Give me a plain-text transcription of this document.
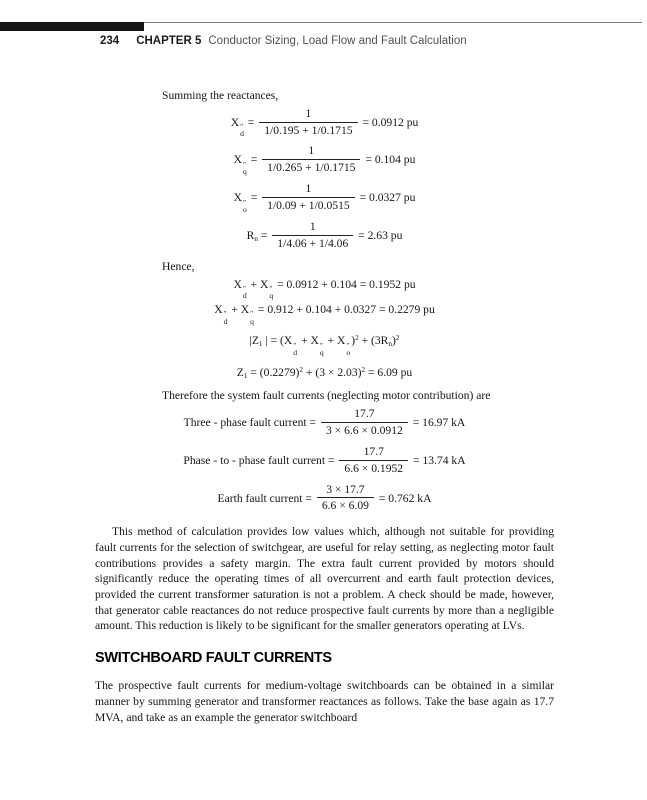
234 CHAPTER 5 Conductor Sizing, Load Flow and Fault Calculation

Summing the reactances,

X ″
d
= $\frac{1}{1/0.195 + 1/0.1715} = 0.0912$ pu
X ″
q
= $\frac{1}{1/0.265 + 1/0.1715} = 0.104$ pu
X ″
o
= $\frac{1}{1/0.09 + 1/0.0515} = 0.0327$ pu
$R_n = \frac{1}{1/4.06 + 1/4.06} = 2.63$ pu

Hence,

X ″
d
+ X ″
q
= 0.0912 + 0.104 = 0.1952 pu
X ″
d
+ X ″
q
= 0.912 + 0.104 + 0.0327 = 0.2279 pu
$|Z_1$ | = (X ″
d
+ X ″
q
+ X ″
o
)$^2 + (3R_n)^2$
$Z_1 = (0.2279)^2 + (3 \times 2.03)^2 = 6.09$ pu

Therefore the system fault currents (neglecting motor contribution) are

Three - phase fault current = $\frac{17.7}{3 \times 6.6 \times 0.0912} = 16.97$ kA
Phase - to - phase fault current = $\frac{17.7}{6.6 \times 0.1952} = 13.74$ kA
Earth fault current = $\frac{3 \times 17.7}{6.6 \times 6.09} = 0.762$ kA

This method of calculation provides low values which, although not suitable for providing fault currents for the selection of switchgear, are useful for relay setting, as neglecting motor fault contributions provides a safety margin. The extra fault current provided by motors should significantly reduce the operating times of all overcurrent and earth fault protection devices, provided the current transformer saturation is not a problem. A check should be made, however, that generator cable reactances do not reduce prospective fault currents by more than a negligible amount. This reduction is likely to be significant for the smaller generators operating at LVs.

SWITCHBOARD FAULT CURRENTS

The prospective fault currents for medium-voltage switchboards can be obtained in a similar manner by summing generator and transformer reactances as follows. Take the base again as 17.7 MVA, and take as an example the generator switchboard
